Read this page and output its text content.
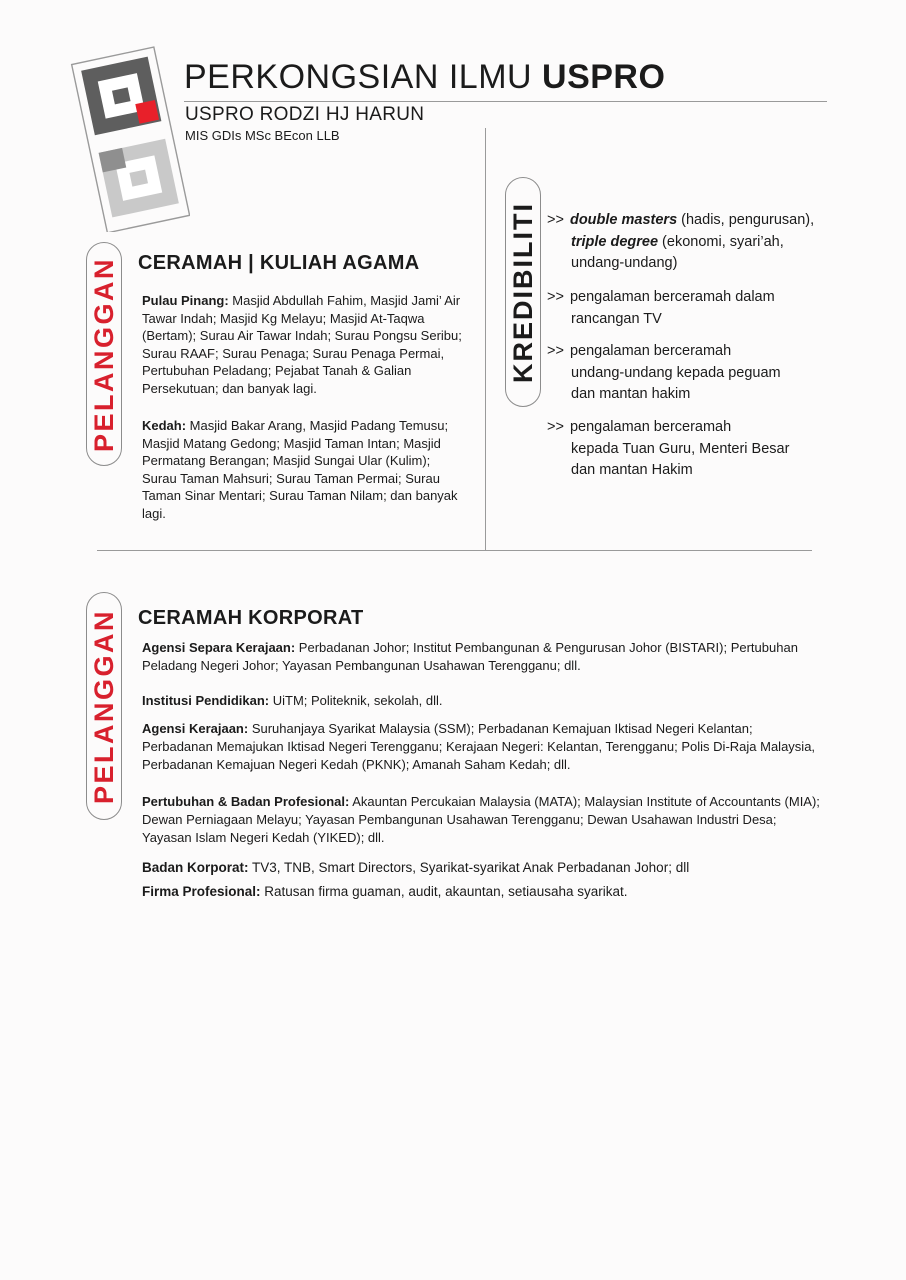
PERKONGSIAN ILMU USPRO
USPRO RODZI HJ HARUN
MIS GDIs MSc BEcon LLB
PELANGGAN
PELANGGAN
KREDIBILITI
CERAMAH | KULIAH AGAMA
Pulau Pinang: Masjid Abdullah Fahim, Masjid Jami’ Air Tawar Indah; Masjid Kg Melayu; Masjid At-Taqwa (Bertam); Surau Air Tawar Indah; Surau Pongsu Seribu; Surau RAAF; Surau Penaga; Surau Penaga Permai, Pertubuhan Peladang; Pejabat Tanah & Galian Persekutuan; dan banyak lagi.
Kedah: Masjid Bakar Arang, Masjid Padang Temusu; Masjid Matang Gedong; Masjid Taman Intan; Masjid Permatang Berangan; Masjid Sungai Ular (Kulim); Surau Taman Mahsuri; Surau Taman Permai; Surau Taman Sinar Mentari; Surau Taman Nilam; dan banyak lagi.
>> double masters (hadis, pengurusan),
triple degree (ekonomi, syari’ah,
undang-undang)
>> pengalaman berceramah dalam
rancangan TV
>> pengalaman berceramah
undang-undang kepada peguam
dan mantan hakim
>> pengalaman berceramah
kepada Tuan Guru, Menteri Besar
dan mantan Hakim
CERAMAH KORPORAT
Agensi Separa Kerajaan: Perbadanan Johor; Institut Pembangunan & Pengurusan Johor (BISTARI); Pertubuhan Peladang Negeri Johor; Yayasan Pembangunan Usahawan Terengganu; dll.
Institusi Pendidikan: UiTM; Politeknik, sekolah, dll.
Agensi Kerajaan: Suruhanjaya Syarikat Malaysia (SSM); Perbadanan Kemajuan Iktisad Negeri Kelantan; Perbadanan Memajukan Iktisad Negeri Terengganu; Kerajaan Negeri: Kelantan, Terengganu; Polis Di-Raja Malaysia, Perbadanan Kemajuan Negeri Kedah (PKNK); Amanah Saham Kedah; dll.
Pertubuhan & Badan Profesional: Akauntan Percukaian Malaysia (MATA); Malaysian Institute of Accountants (MIA); Dewan Perniagaan Melayu; Yayasan Pembangunan Usahawan Terengganu; Dewan Usahawan Industri Desa; Yayasan Islam Negeri Kedah (YIKED); dll.
Badan Korporat: TV3, TNB, Smart Directors, Syarikat-syarikat Anak Perbadanan Johor; dll
Firma Profesional: Ratusan firma guaman, audit, akauntan, setiausaha syarikat.
